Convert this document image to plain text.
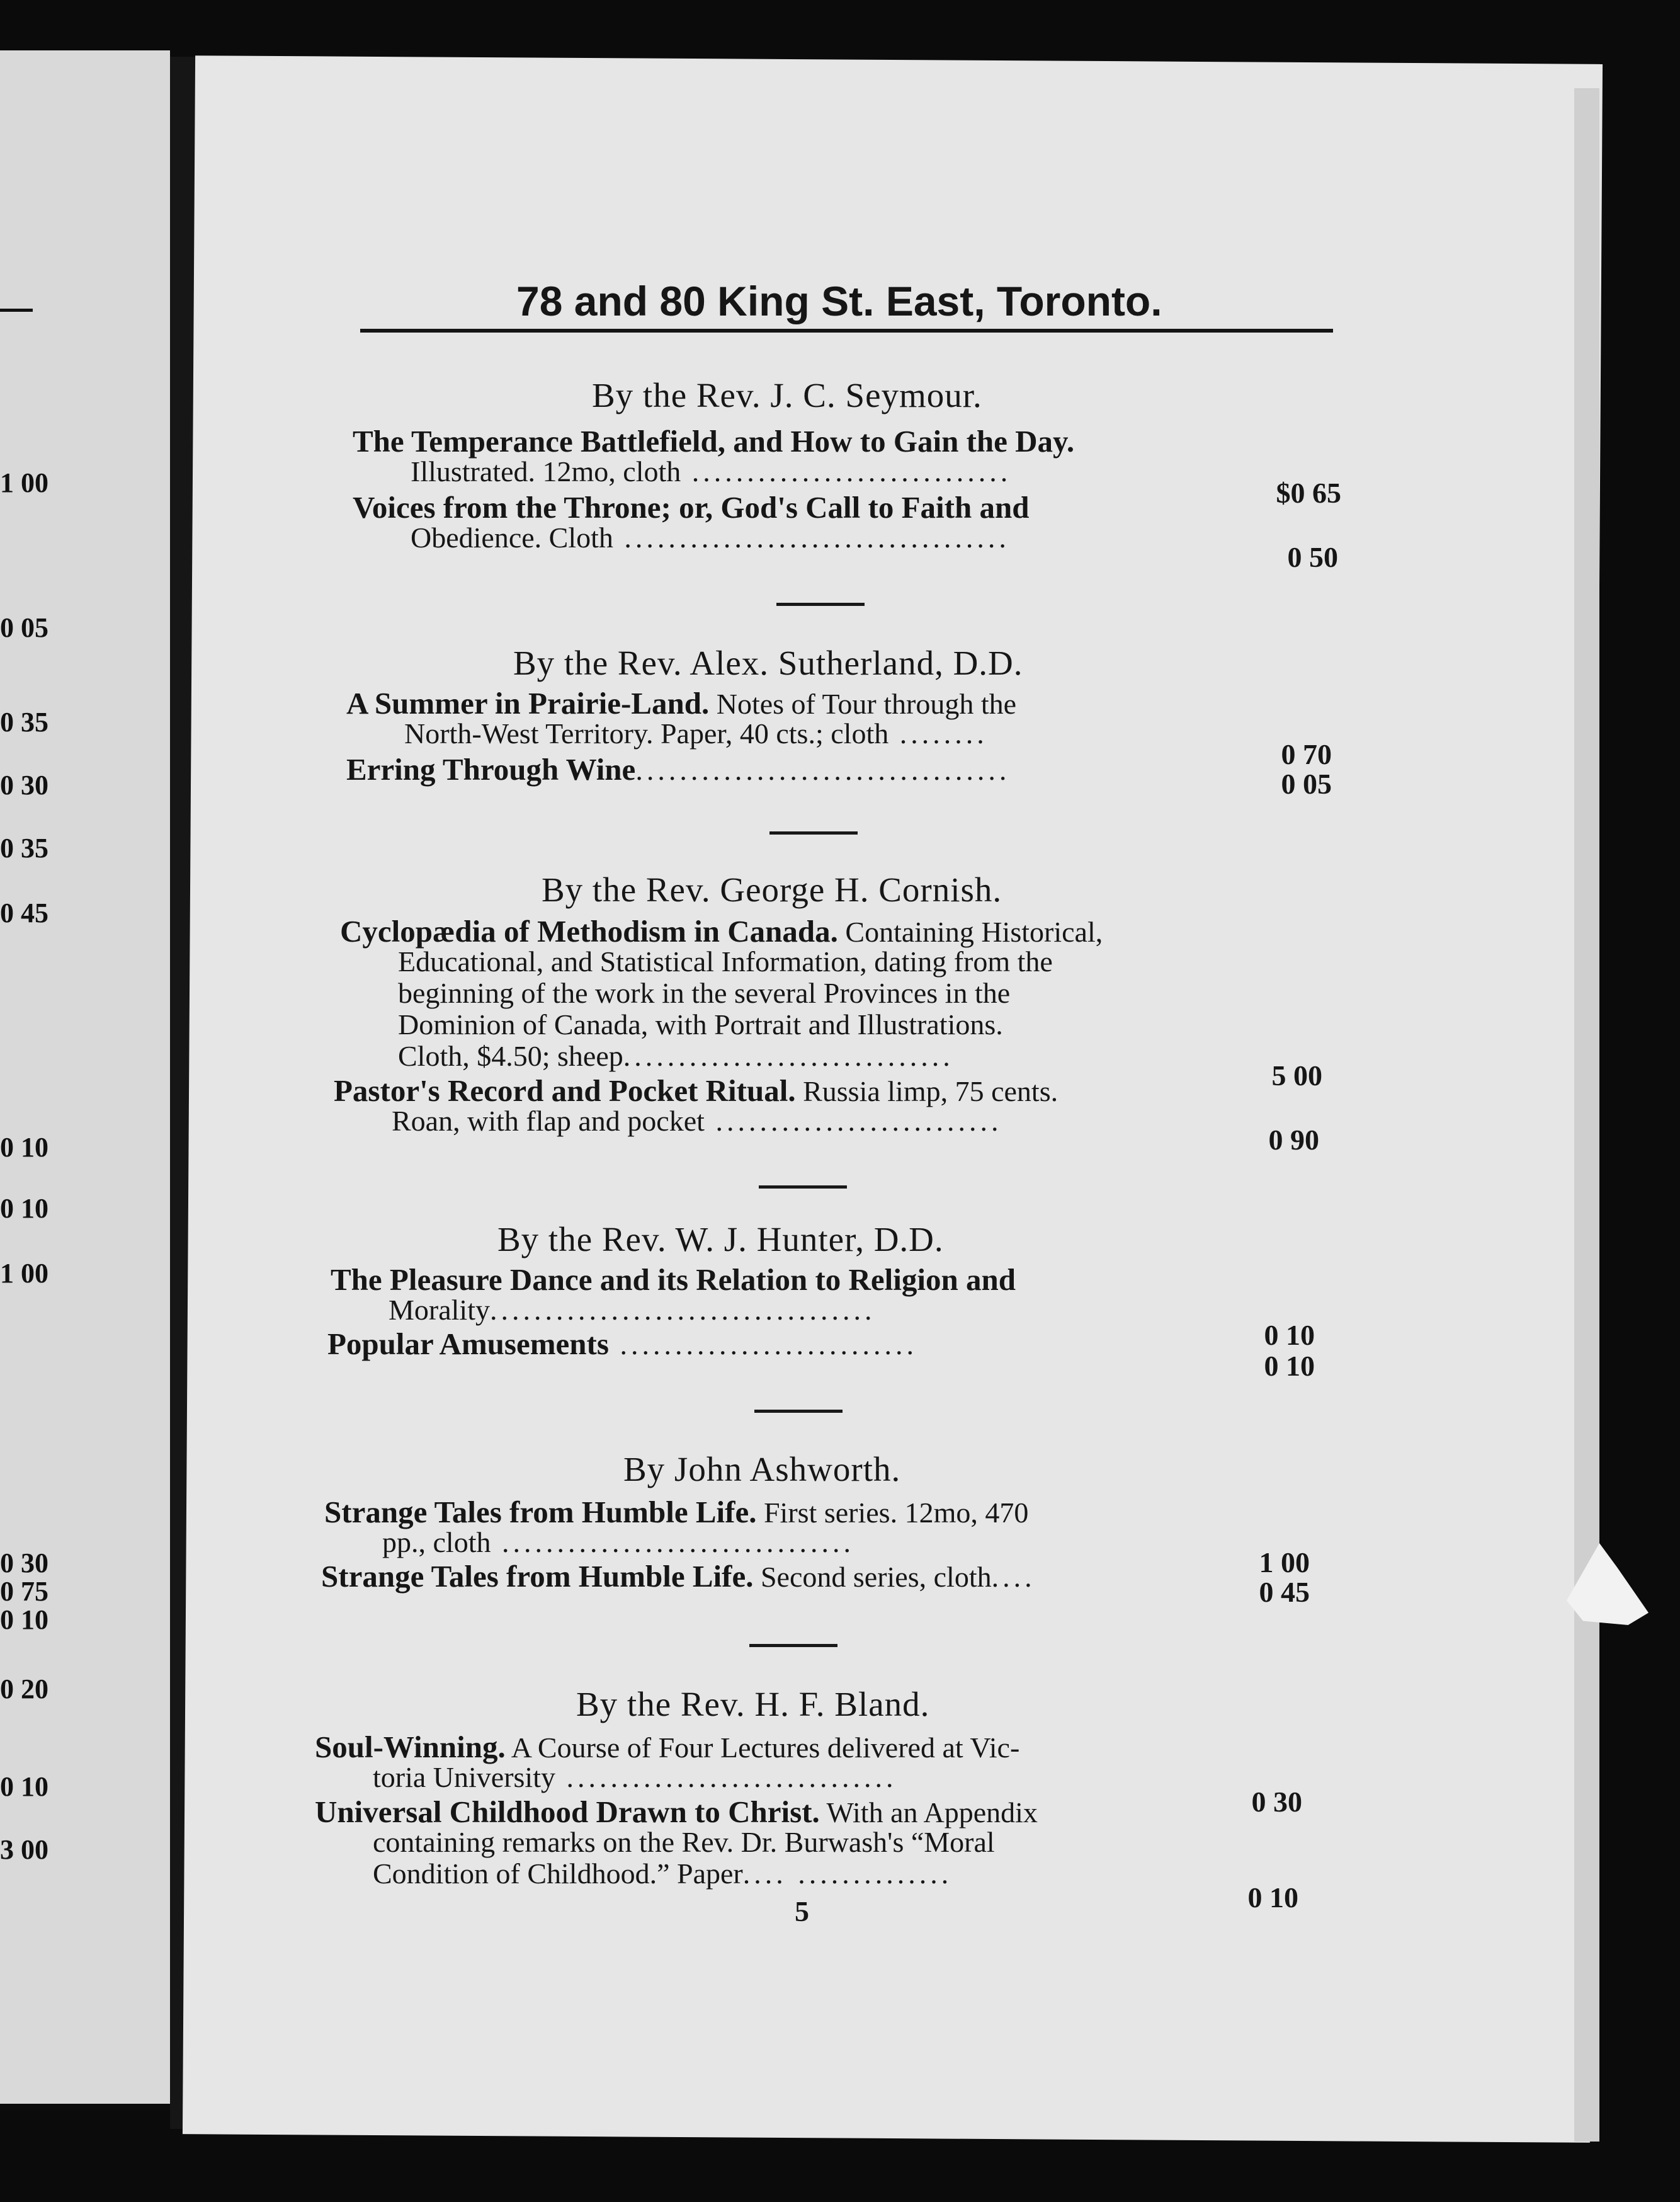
1 00
0 05
0 35
0 30
0 35
0 45
0 10
0 10
1 00
0 30
0 75
0 10
0 20
0 10
3 00
78 and 80 King St. East, Toronto.
By the Rev. J. C. Seymour.
The Temperance Battlefield, and How to Gain the Day.
Illustrated. 12mo, cloth .............................
$0 65
Voices from the Throne; or, God's Call to Faith and
Obedience. Cloth ...................................
0 50
By the Rev. Alex. Sutherland, D.D.
A Summer in Prairie-Land. Notes of Tour through the
North-West Territory. Paper, 40 cts.; cloth ........
0 70
Erring Through Wine..................................	0 05
By the Rev. George H. Cornish.
Cyclopædia of Methodism in Canada. Containing Historical,
Educational, and Statistical Information, dating from the
beginning of the work in the several Provinces in the
Dominion of Canada, with Portrait and Illustrations.
Cloth, $4.50; sheep..............................
5 00
Pastor's Record and Pocket Ritual. Russia limp, 75 cents.
Roan, with flap and pocket ..........................
0 90
By the Rev. W. J. Hunter, D.D.
The Pleasure Dance and its Relation to Religion and
Morality...................................
0 10
Popular Amusements ...........................
0 10
By John Ashworth.
Strange Tales from Humble Life. First series. 12mo, 470
pp., cloth ................................
1 00
Strange Tales from Humble Life. Second series, cloth....	0 45
By the Rev. H. F. Bland.
Soul-Winning. A Course of Four Lectures delivered at Vic-
toria University ..............................
0 30
Universal Childhood Drawn to Christ. With an Appendix
containing remarks on the Rev. Dr. Burwash's “Moral
Condition of Childhood.” Paper.... ..............
0 10
5
